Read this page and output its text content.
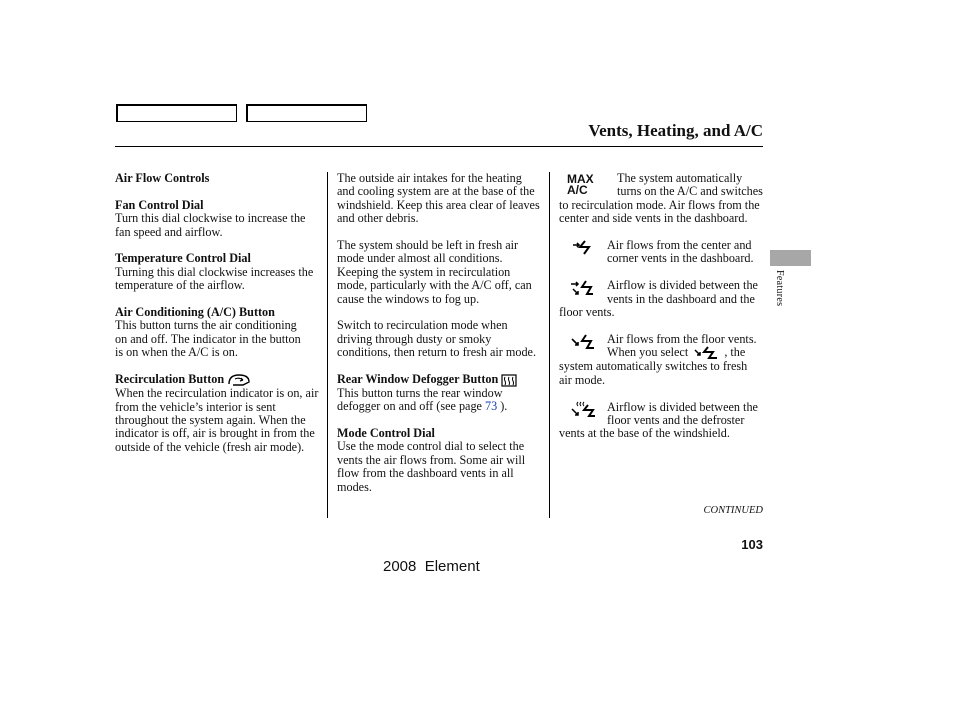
Vents, Heating, and A/C

Air Flow Controls

Fan Control Dial

Turn this dial clockwise to increase the fan speed and airflow.

Temperature Control Dial

Turning this dial clockwise increases the temperature of the airflow.

Air Conditioning (A/C) Button

This button turns the air conditioning on and off. The indicator in the button is on when the A/C is on.

Recirculation Button

When the recirculation indicator is on, air from the vehicle’s interior is sent throughout the system again. When the indicator is off, air is brought in from the outside of the vehicle (fresh air mode).

The outside air intakes for the heating and cooling system are at the base of the windshield. Keep this area clear of leaves and other debris.

The system should be left in fresh air mode under almost all conditions. Keeping the system in recirculation mode, particularly with the A/C off, can cause the windows to fog up.

Switch to recirculation mode when driving through dusty or smoky conditions, then return to fresh air mode.

Rear Window Defogger Button

This button turns the rear window defogger on and off (see page 73 ).

Mode Control Dial

Use the mode control dial to select the vents the air flows from. Some air will flow from the dashboard vents in all modes.

MAX
A/C

The system automatically turns on the A/C and switches to recirculation mode. Air flows from the center and side vents in the dashboard.

Air flows from the center and corner vents in the dashboard.

Airflow is divided between the vents in the dashboard and the floor vents.

Air flows from the floor vents. When you select  , the system automatically switches to fresh air mode.

Airflow is divided between the floor vents and the defroster vents at the base of the windshield.

Features
CONTINUED
103
2008  Element
